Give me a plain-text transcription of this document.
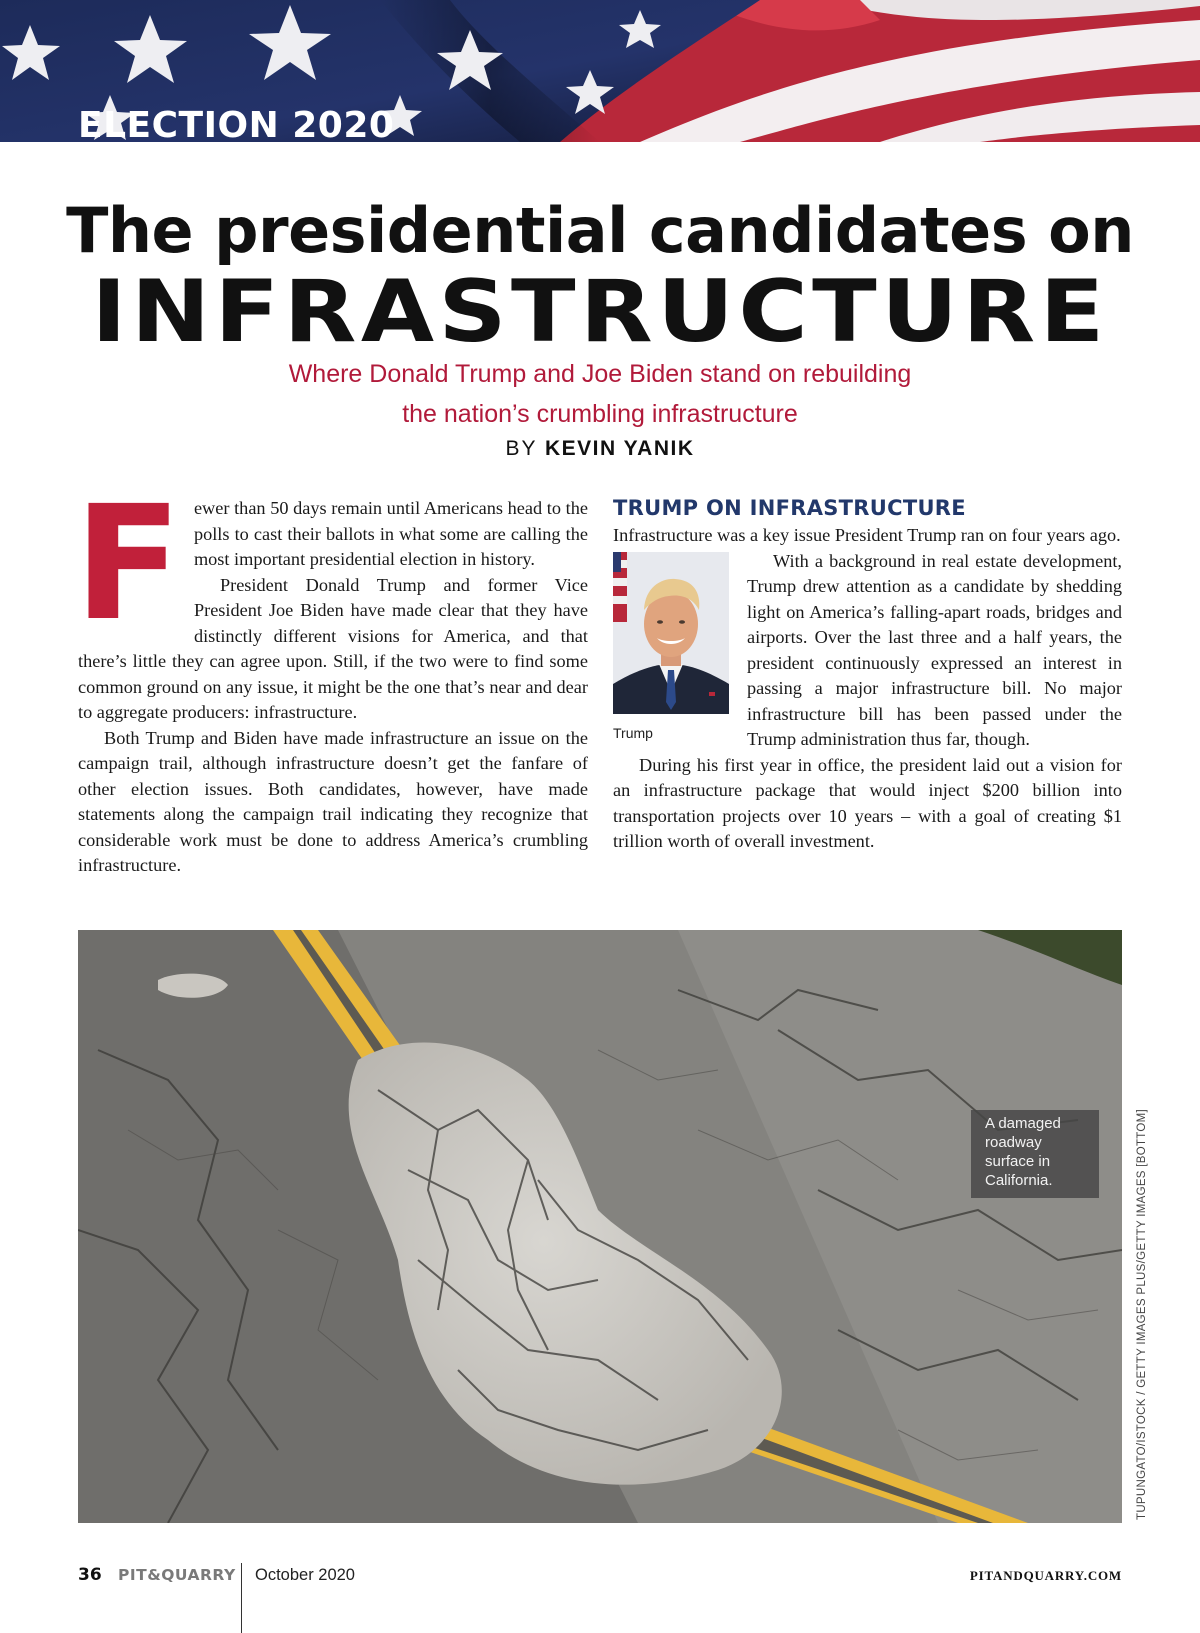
ELECTION 2020
The presidential candidates on
INFRASTRUCTURE
Where Donald Trump and Joe Biden stand on rebuilding
the nation’s crumbling infrastructure
BY KEVIN YANIK

Fewer than 50 days remain until Americans head to the polls to cast their ballots in what some are calling the most important presidential election in history.

President Donald Trump and former Vice President Joe Biden have made clear that they have distinctly different visions for America, and that there’s little they can agree upon. Still, if the two were to find some common ground on any issue, it might be the one that’s near and dear to aggregate producers: infrastructure.

Both Trump and Biden have made infrastructure an issue on the campaign trail, although infrastructure doesn’t get the fanfare of other election issues. Both candidates, however, have made statements along the campaign trail indicating they recognize that considerable work must be done to address America’s crumbling infrastructure.

TRUMP ON INFRASTRUCTURE

Infrastructure was a key issue President Trump ran on four years ago.

Trump
With a background in real estate development, Trump drew attention as a candidate by shedding light on America’s falling-apart roads, bridges and airports. Over the last three and a half years, the president continuously expressed an interest in passing a major infrastructure bill. No major infrastructure bill has been passed under the Trump administration thus far, though.

During his first year in office, the president laid out a vision for an infrastructure package that would inject $200 billion into transportation projects over 10 years – with a goal of creating $1 trillion worth of overall investment.

A damaged roadway surface in California.	TUPUNGATO/ISTOCK / GETTY IMAGES PLUS/GETTY IMAGES [BOTTOM]
36 PIT&QUARRY October 2020	PITANDQUARRY.COM
